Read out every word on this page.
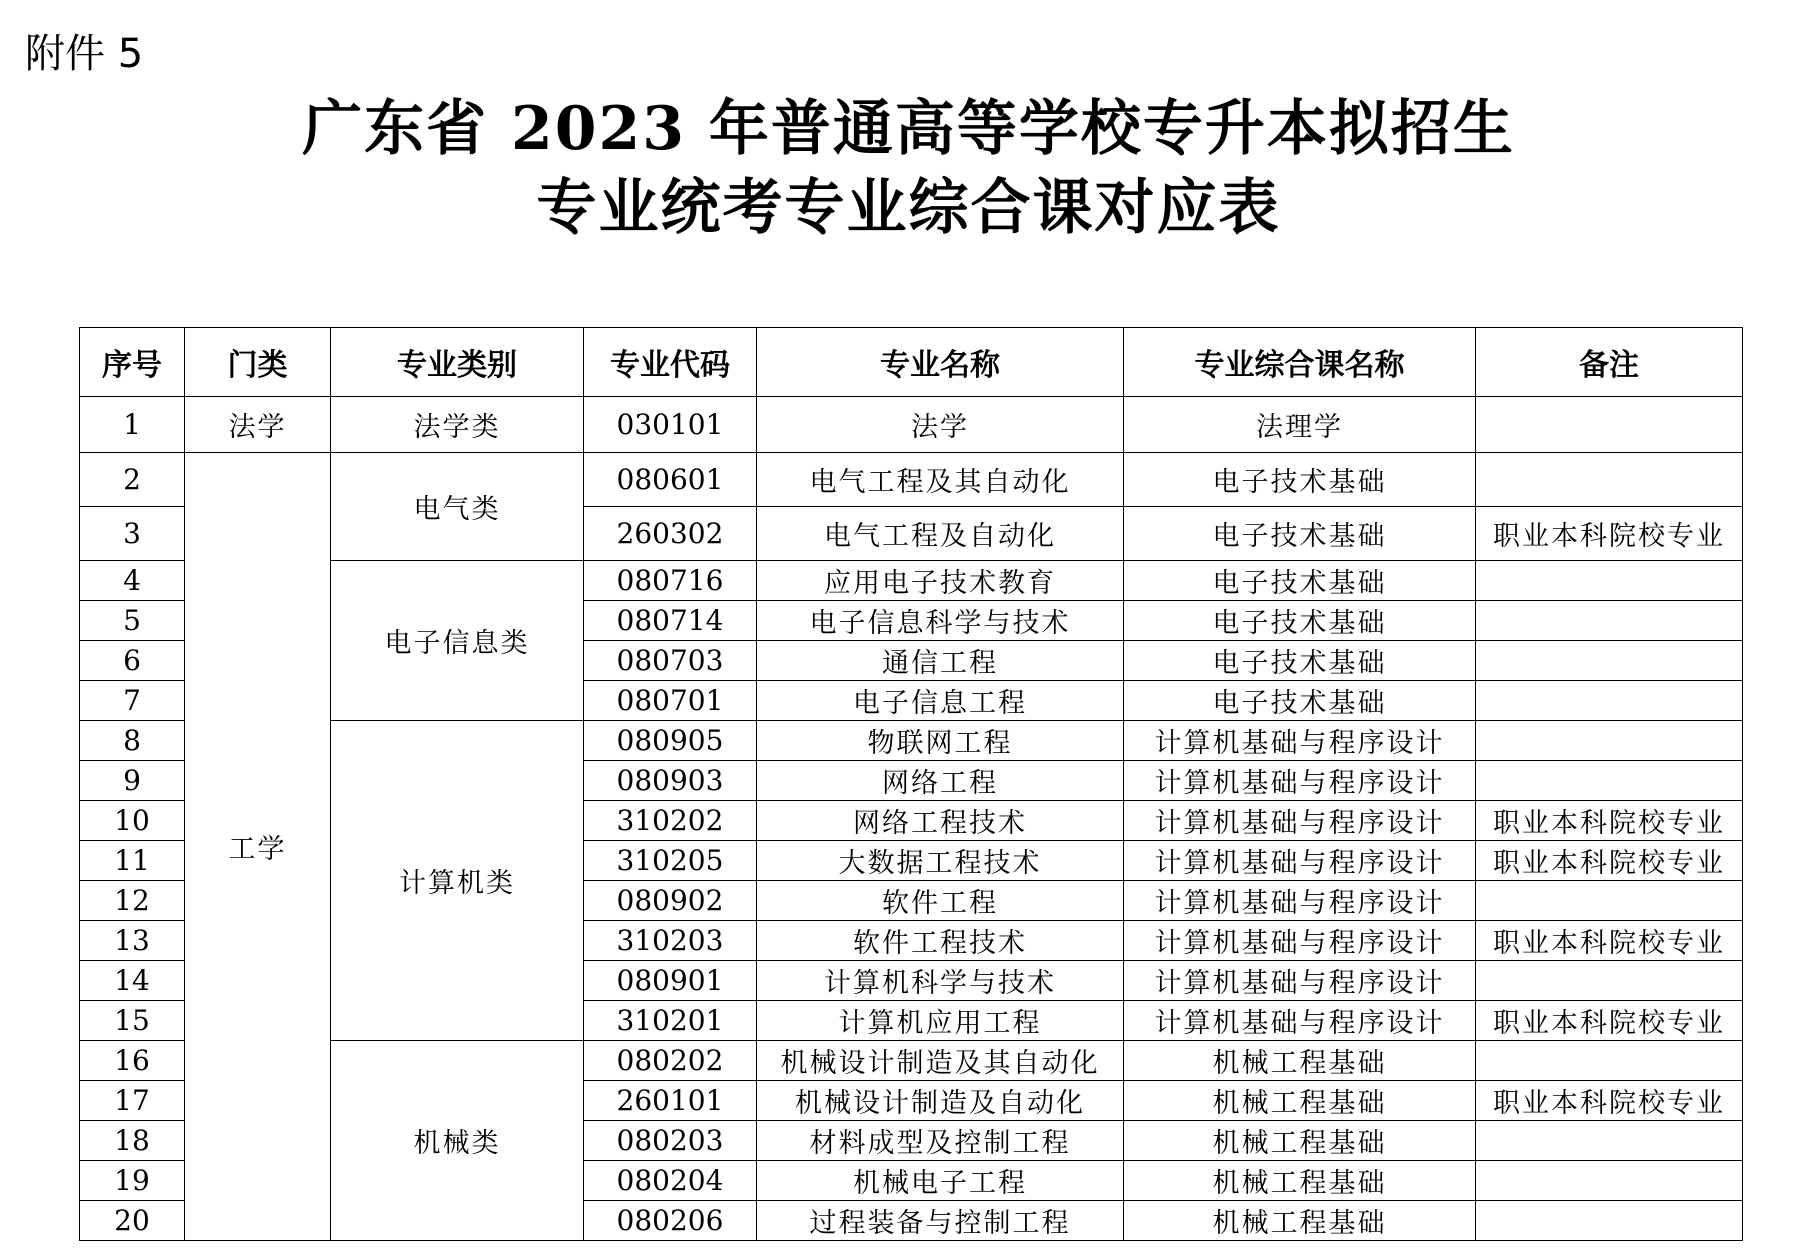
附件 5
广东省 2023 年普通高等学校专升本拟招生
专业统考专业综合课对应表
序号	门类	专业类别	专业代码	专业名称	专业综合课名称	备注
1	法学	法学类	030101	法学	法理学	
2	工学	电气类	080601	电气工程及其自动化	电子技术基础	
3			260302	电气工程及自动化	电子技术基础	职业本科院校专业
4		电子信息类	080716	应用电子技术教育	电子技术基础	
5			080714	电子信息科学与技术	电子技术基础	
6			080703	通信工程	电子技术基础	
7			080701	电子信息工程	电子技术基础	
8		计算机类	080905	物联网工程	计算机基础与程序设计	
9			080903	网络工程	计算机基础与程序设计	
10			310202	网络工程技术	计算机基础与程序设计	职业本科院校专业
11			310205	大数据工程技术	计算机基础与程序设计	职业本科院校专业
12			080902	软件工程	计算机基础与程序设计	
13			310203	软件工程技术	计算机基础与程序设计	职业本科院校专业
14			080901	计算机科学与技术	计算机基础与程序设计	
15			310201	计算机应用工程	计算机基础与程序设计	职业本科院校专业
16		机械类	080202	机械设计制造及其自动化	机械工程基础	
17			260101	机械设计制造及自动化	机械工程基础	职业本科院校专业
18			080203	材料成型及控制工程	机械工程基础	
19			080204	机械电子工程	机械工程基础	
20			080206	过程装备与控制工程	机械工程基础	
